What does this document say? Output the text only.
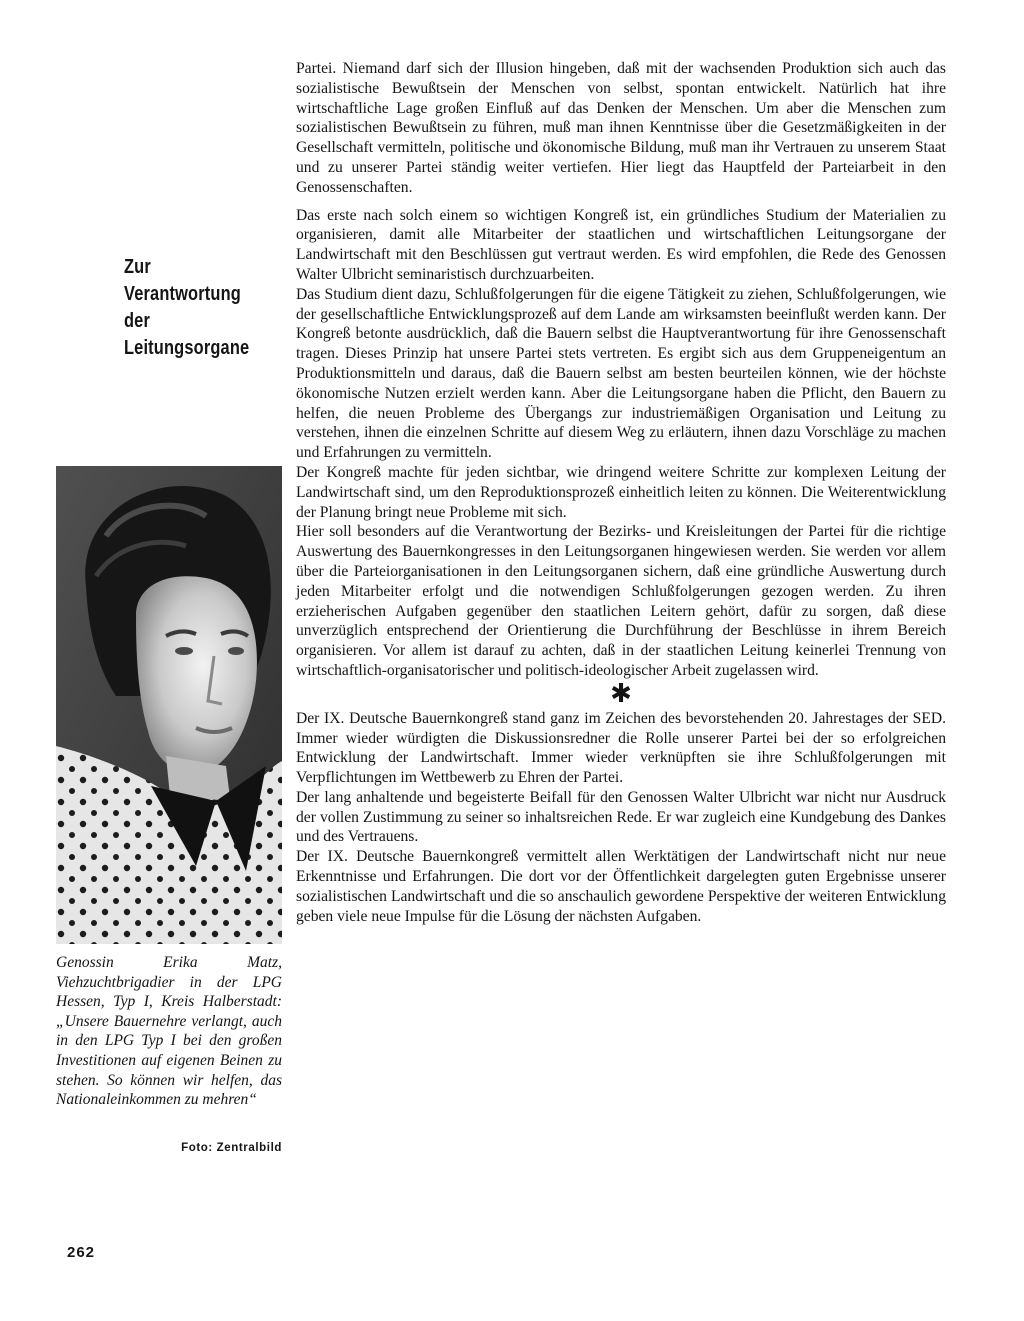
Zur
Verantwortung
der
Leitungsorgane
Genossin Erika Matz, Viehzuchtbrigadier in der LPG Hessen, Typ I, Kreis Halberstadt: „Unsere Bauernehre verlangt, auch in den LPG Typ I bei den großen Investitionen auf eigenen Beinen zu stehen. So können wir helfen, das Nationaleinkommen zu mehren“
Foto: Zentralbild

Partei. Niemand darf sich der Illusion hingeben, daß mit der wachsenden Produktion sich auch das sozialistische Bewußtsein der Menschen von selbst, spontan entwickelt. Natürlich hat ihre wirtschaftliche Lage großen Einfluß auf das Denken der Menschen. Um aber die Menschen zum sozialistischen Bewußtsein zu führen, muß man ihnen Kenntnisse über die Gesetzmäßigkeiten in der Gesellschaft vermitteln, politische und ökonomische Bildung, muß man ihr Vertrauen zu unserem Staat und zu unserer Partei ständig weiter vertiefen. Hier liegt das Hauptfeld der Parteiarbeit in den Genossenschaften.

Das erste nach solch einem so wichtigen Kongreß ist, ein gründliches Studium der Materialien zu organisieren, damit alle Mitarbeiter der staatlichen und wirtschaftlichen Leitungsorgane der Landwirtschaft mit den Beschlüssen gut vertraut werden. Es wird empfohlen, die Rede des Genossen Walter Ulbricht seminaristisch durchzuarbeiten.

Das Studium dient dazu, Schlußfolgerungen für die eigene Tätigkeit zu ziehen, Schlußfolgerungen, wie der gesellschaftliche Entwicklungsprozeß auf dem Lande am wirksamsten beeinflußt werden kann. Der Kongreß betonte ausdrücklich, daß die Bauern selbst die Hauptverantwortung für ihre Genossenschaft tragen. Dieses Prinzip hat unsere Partei stets vertreten. Es ergibt sich aus dem Gruppeneigentum an Produktionsmitteln und daraus, daß die Bauern selbst am besten beurteilen können, wie der höchste ökonomische Nutzen erzielt werden kann. Aber die Leitungsorgane haben die Pflicht, den Bauern zu helfen, die neuen Probleme des Übergangs zur industriemäßigen Organisation und Leitung zu verstehen, ihnen die einzelnen Schritte auf diesem Weg zu erläutern, ihnen dazu Vorschläge zu machen und Erfahrungen zu vermitteln.

Der Kongreß machte für jeden sichtbar, wie dringend weitere Schritte zur komplexen Leitung der Landwirtschaft sind, um den Reproduktionsprozeß einheitlich leiten zu können. Die Weiterentwicklung der Planung bringt neue Probleme mit sich.

Hier soll besonders auf die Verantwortung der Bezirks- und Kreisleitungen der Partei für die richtige Auswertung des Bauernkongresses in den Leitungsorganen hingewiesen werden. Sie werden vor allem über die Parteiorganisationen in den Leitungsorganen sichern, daß eine gründliche Auswertung durch jeden Mitarbeiter erfolgt und die notwendigen Schlußfolgerungen gezogen werden. Zu ihren erzieherischen Aufgaben gegenüber den staatlichen Leitern gehört, dafür zu sorgen, daß diese unverzüglich entsprechend der Orientierung die Durchführung der Beschlüsse in ihrem Bereich organisieren. Vor allem ist darauf zu achten, daß in der staatlichen Leitung keinerlei Trennung von wirtschaftlich-organisatorischer und politisch-ideologischer Arbeit zugelassen wird.

✱

Der IX. Deutsche Bauernkongreß stand ganz im Zeichen des bevorstehenden 20. Jahrestages der SED. Immer wieder würdigten die Diskussionsredner die Rolle unserer Partei bei der so erfolgreichen Entwicklung der Landwirtschaft. Immer wieder verknüpften sie ihre Schlußfolgerungen mit Verpflichtungen im Wettbewerb zu Ehren der Partei.

Der lang anhaltende und begeisterte Beifall für den Genossen Walter Ulbricht war nicht nur Ausdruck der vollen Zustimmung zu seiner so inhaltsreichen Rede. Er war zugleich eine Kundgebung des Dankes und des Vertrauens.

Der IX. Deutsche Bauernkongreß vermittelt allen Werktätigen der Landwirtschaft nicht nur neue Erkenntnisse und Erfahrungen. Die dort vor der Öffentlichkeit dargelegten guten Ergebnisse unserer sozialistischen Landwirtschaft und die so anschaulich gewordene Perspektive der weiteren Entwicklung geben viele neue Impulse für die Lösung der nächsten Aufgaben.

262
